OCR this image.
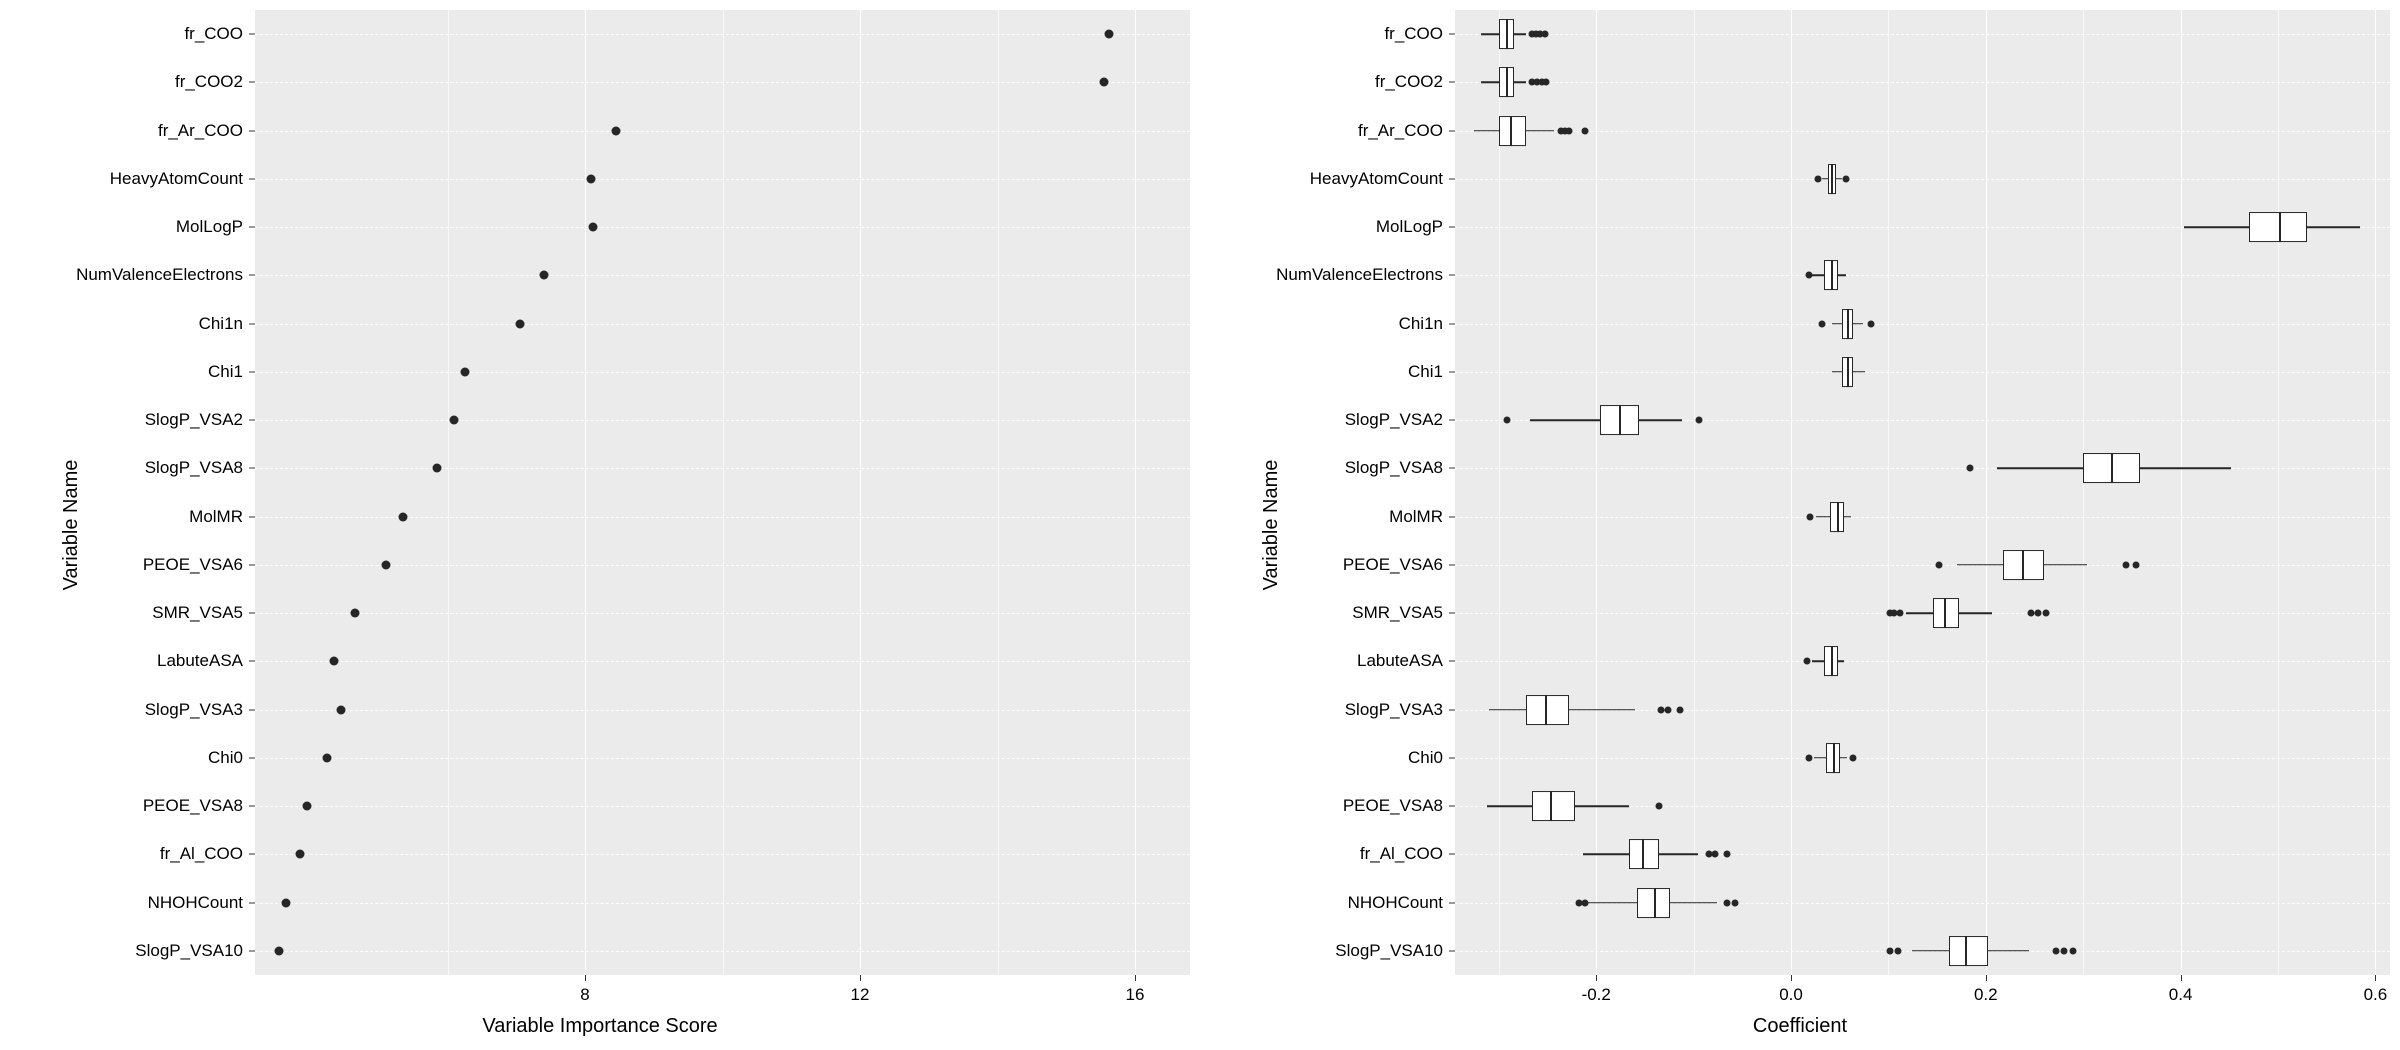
Variable Name
Variable Importance Score
fr_COO
fr_COO2
fr_Ar_COO
HeavyAtomCount
MolLogP
NumValenceElectrons
Chi1n
Chi1
SlogP_VSA2
SlogP_VSA8
MolMR
PEOE_VSA6
SMR_VSA5
LabuteASA
SlogP_VSA3
Chi0
PEOE_VSA8
fr_Al_COO
NHOHCount
SlogP_VSA10
8	12	16
Variable Name
Coefficient
fr_COO
fr_COO2
fr_Ar_COO
HeavyAtomCount
MolLogP
NumValenceElectrons
Chi1n
Chi1
SlogP_VSA2
SlogP_VSA8
MolMR
PEOE_VSA6
SMR_VSA5
LabuteASA
SlogP_VSA3
Chi0
PEOE_VSA8
fr_Al_COO
NHOHCount
SlogP_VSA10
-0.2	0.0	0.2	0.4	0.6
